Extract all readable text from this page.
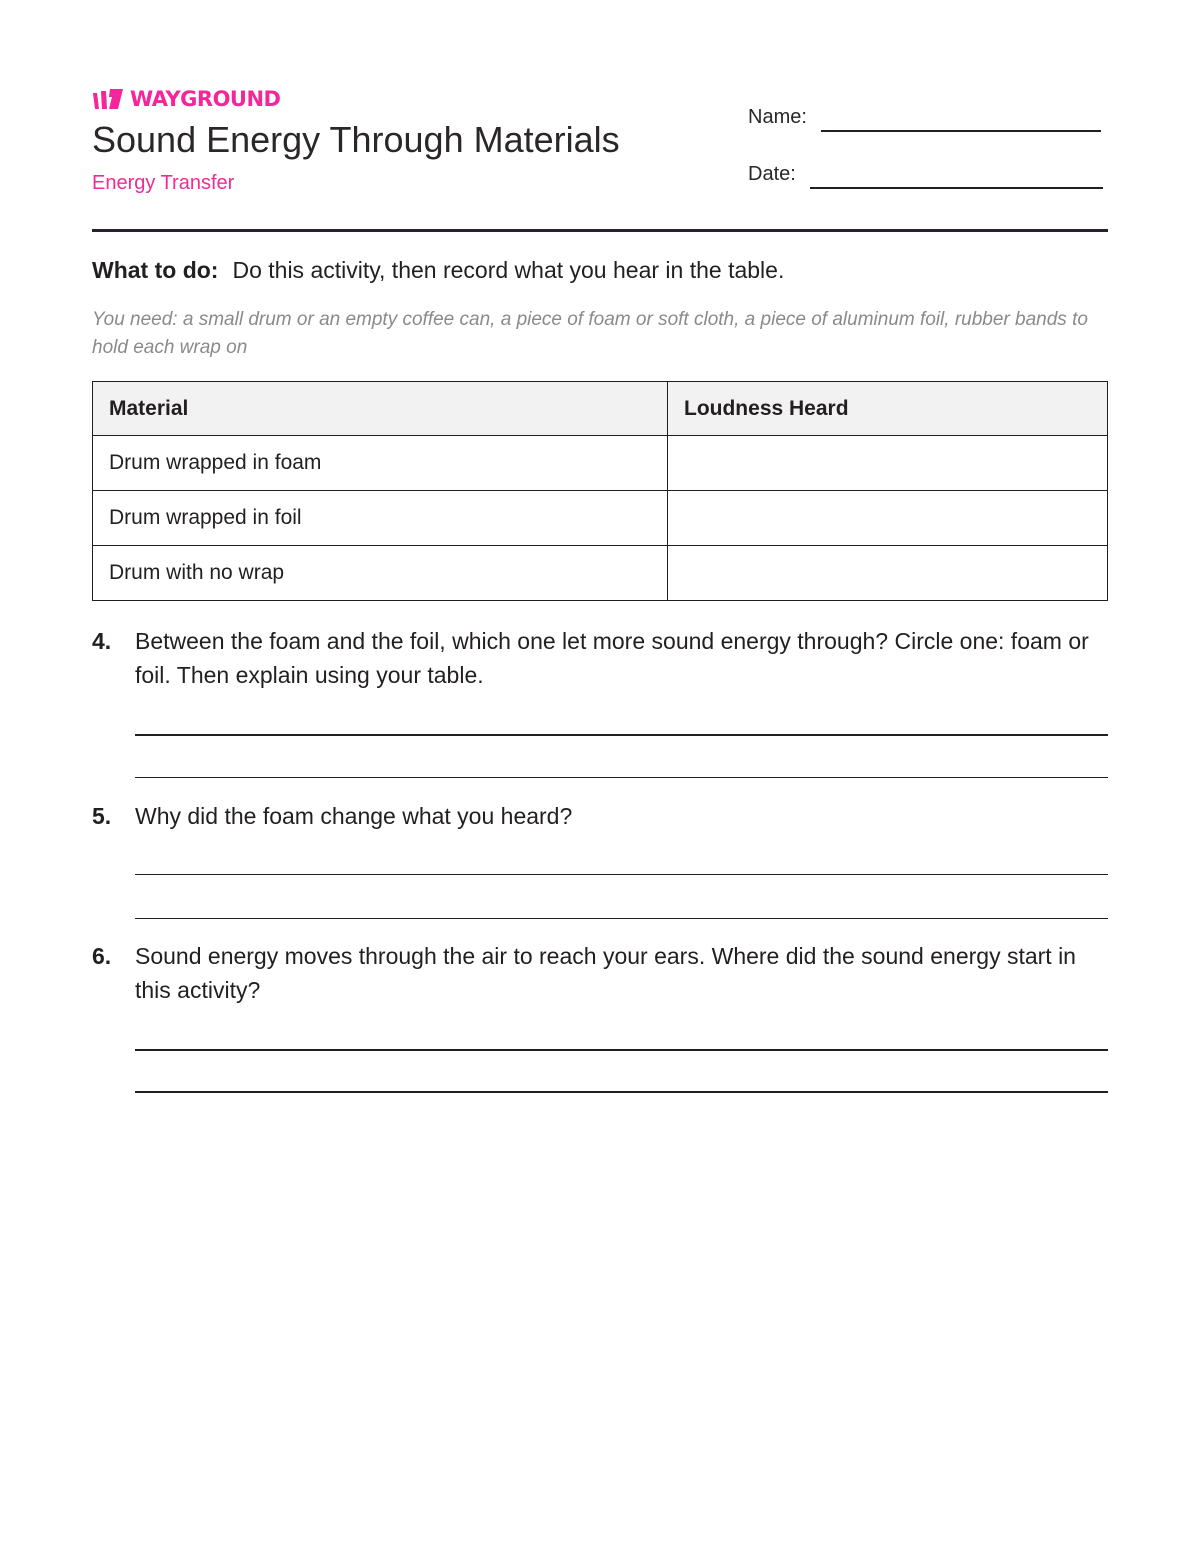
WAYGROUND
Sound Energy Through Materials
Energy Transfer
Name:
Date:
What to do: Do this activity, then record what you hear in the table.
You need: a small drum or an empty coffee can, a piece of foam or soft cloth, a piece of aluminum foil, rubber bands to hold each wrap on
Material	Loudness Heard
Drum wrapped in foam	
Drum wrapped in foil	
Drum with no wrap	
4. Between the foam and the foil, which one let more sound energy through? Circle one: foam or foil. Then explain using your table.
5. Why did the foam change what you heard?
6. Sound energy moves through the air to reach your ears. Where did the sound energy start in this activity?
